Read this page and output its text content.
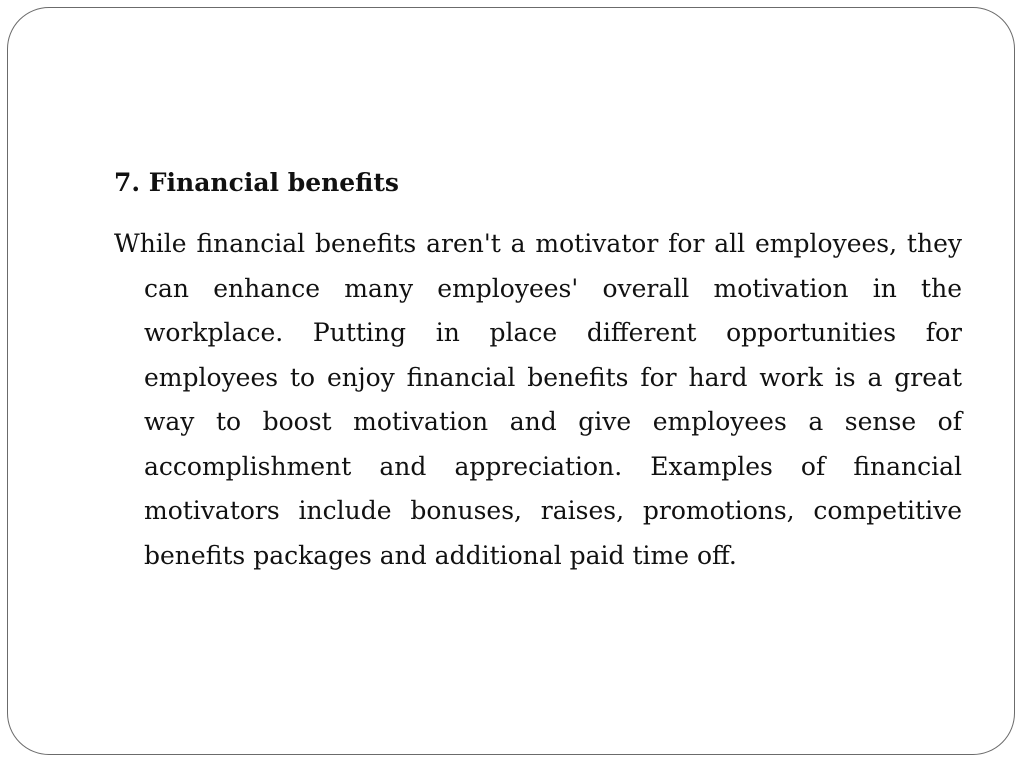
7. Financial benefits

While financial benefits aren't a motivator for all employees, they can enhance many employees' overall motivation in the workplace. Putting in place different opportunities for employees to enjoy financial benefits for hard work is a great way to boost motivation and give employees a sense of accomplishment and appreciation. Examples of financial motivators include bonuses, raises, promotions, competitive benefits packages and additional paid time off.
